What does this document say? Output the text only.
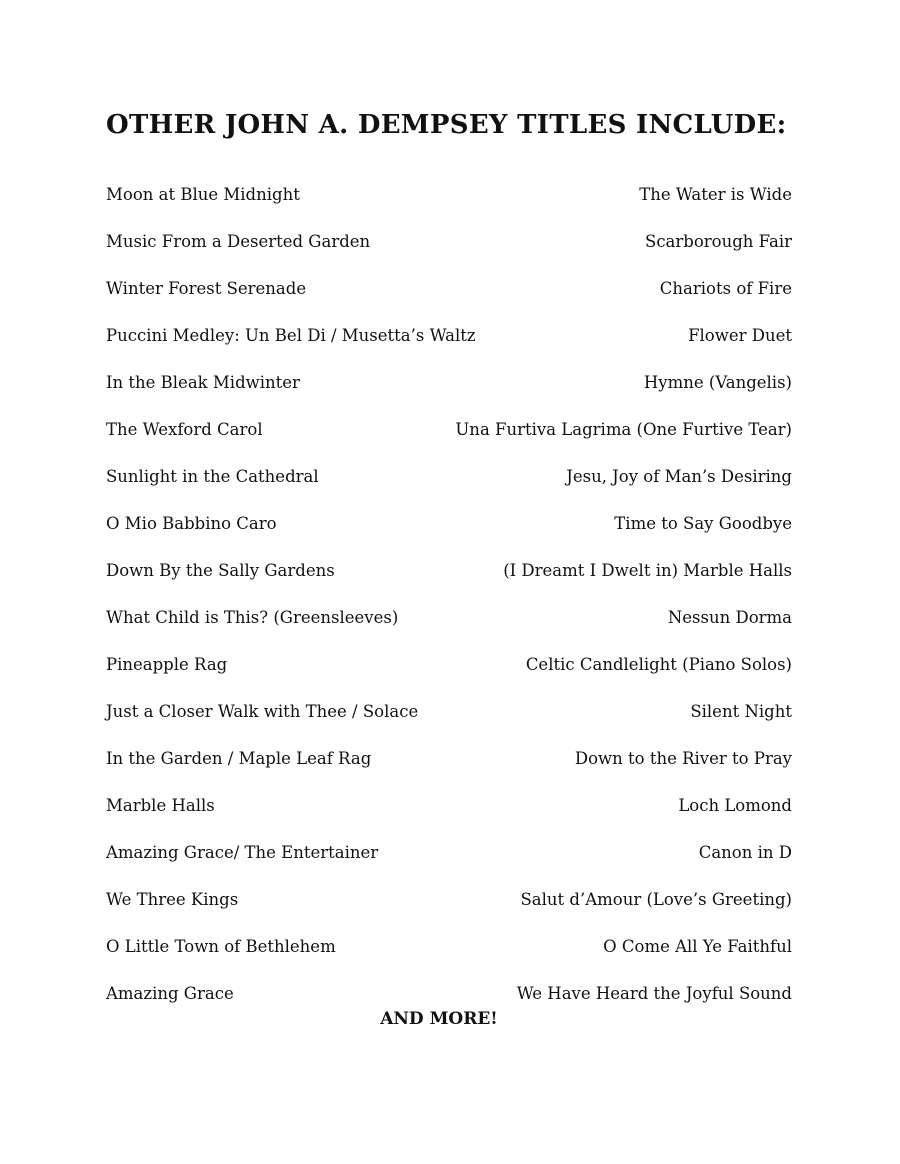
OTHER JOHN A. DEMPSEY TITLES INCLUDE:
Moon at Blue Midnight	The Water is Wide
Music From a Deserted Garden	Scarborough Fair
Winter Forest Serenade	Chariots of Fire
Puccini Medley: Un Bel Di / Musetta’s Waltz	Flower Duet
In the Bleak Midwinter	Hymne (Vangelis)
The Wexford Carol	Una Furtiva Lagrima (One Furtive Tear)
Sunlight in the Cathedral	Jesu, Joy of Man’s Desiring
O Mio Babbino Caro	Time to Say Goodbye
Down By the Sally Gardens	(I Dreamt I Dwelt in) Marble Halls
What Child is This? (Greensleeves)	Nessun Dorma
Pineapple Rag	Celtic Candlelight (Piano Solos)
Just a Closer Walk with Thee / Solace	Silent Night
In the Garden / Maple Leaf Rag	Down to the River to Pray
Marble Halls	Loch Lomond
Amazing Grace/ The Entertainer	Canon in D
We Three Kings	Salut d’Amour (Love’s Greeting)
O Little Town of Bethlehem	O Come All Ye Faithful
Amazing Grace	We Have Heard the Joyful Sound

AND MORE!
